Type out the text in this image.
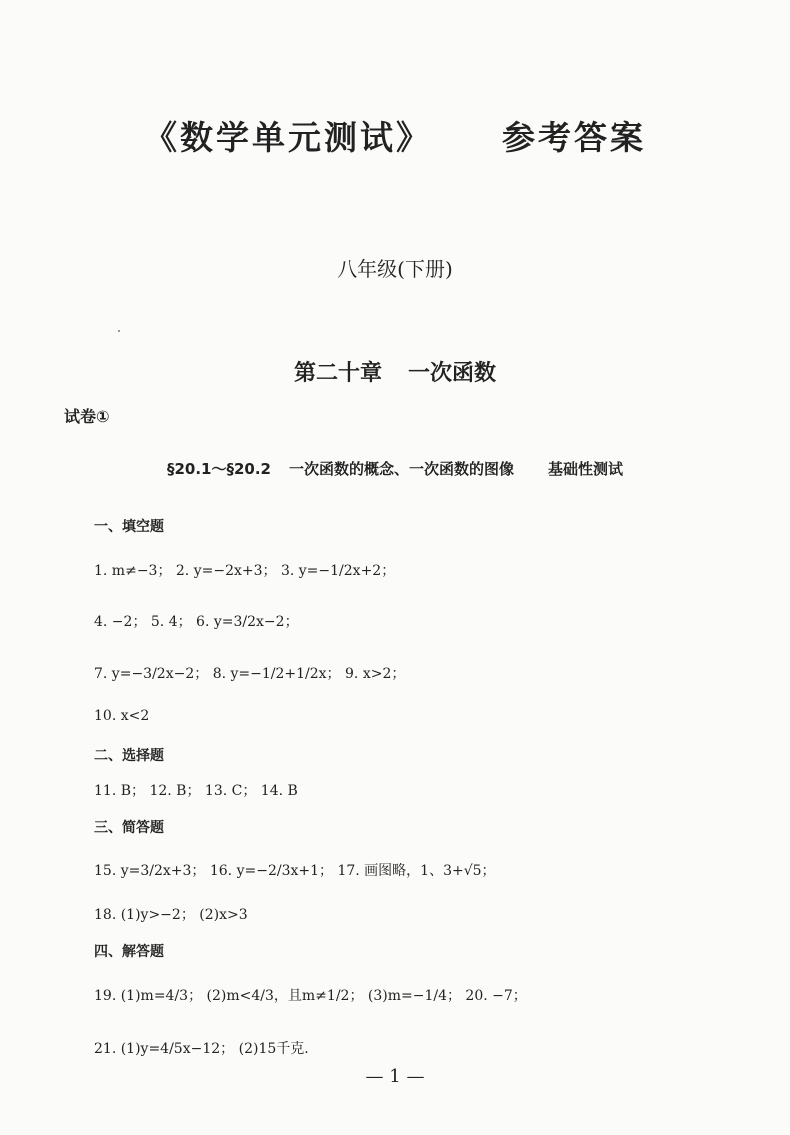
《数学单元测试》 参考答案
八年级(下册)
第二十章 一次函数
试卷①
§20.1～§20.2 一次函数的概念、一次函数的图像 基础性测试
一、填空题
1. m≠−3； 2. y=−2x+3； 3. y=−1/2x+2；
4. −2； 5. 4； 6. y=3/2x−2；
7. y=−3/2x−2； 8. y=−1/2+1/2x； 9. x>2；
10. x<2
二、选择题
11. B； 12. B； 13. C； 14. B
三、简答题
15. y=3/2x+3； 16. y=−2/3x+1； 17. 画图略，1、3+√5；
18. (1)y>−2； (2)x>3
四、解答题
19. (1)m=4/3； (2)m<4/3，且m≠1/2； (3)m=−1/4； 20. −7；
21. (1)y=4/5x−12； (2)15千克.
— 1 —
